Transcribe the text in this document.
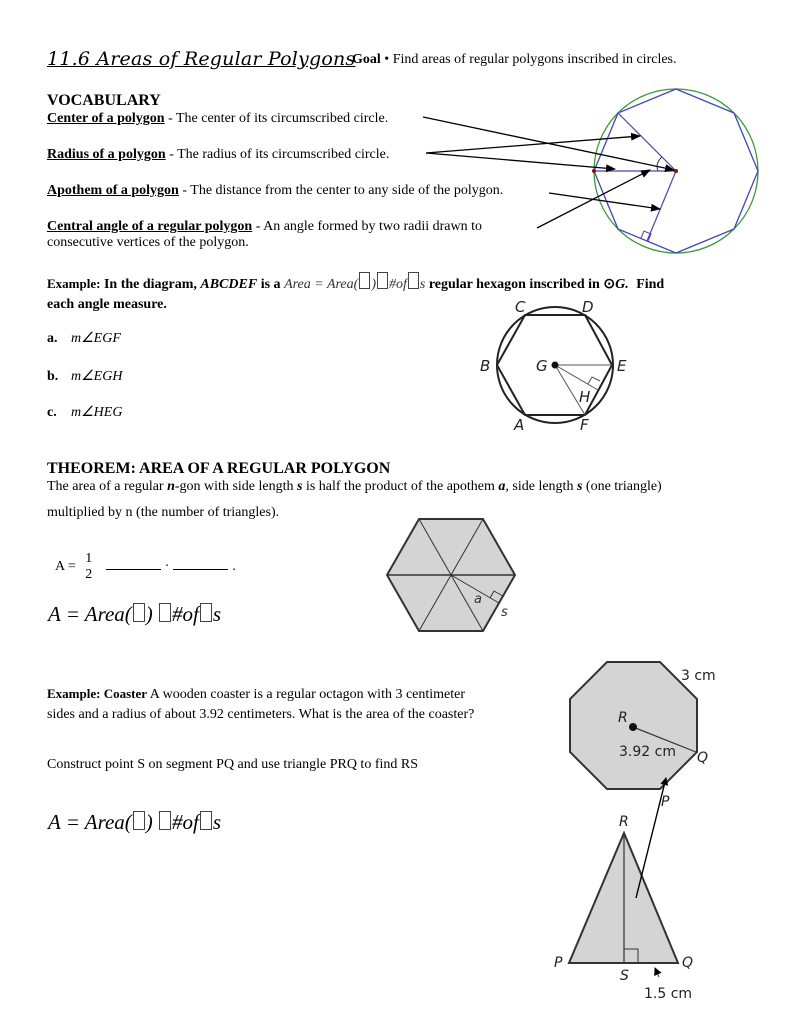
11.6 Areas of Regular Polygons
Goal • Find areas of regular polygons inscribed in circles.
VOCABULARY
Center of a polygon - The center of its circumscribed circle.
Radius of a polygon - The radius of its circumscribed circle.
Apothem of a polygon - The distance from the center to any side of the polygon.
Central angle of a regular polygon - An angle formed by two radii drawn to
consecutive vertices of the polygon.
Example: In the diagram, ABCDEF is a Area = Area( ) #of s regular hexagon inscribed in ⊙G. Find
each angle measure.
a. m∠EGF
b. m∠EGH
c. m∠HEG
C	D
B	G	E
H
A	F
THEOREM: AREA OF A REGULAR POLYGON
The area of a regular n-gon with side length s is half the product of the apothem a, side length s (one triangle)
multiplied by n (the number of triangles).
A = 1
2 ·	.
A = Area( ) #of s
a
s
Example: Coaster A wooden coaster is a regular octagon with 3 centimeter
sides and a radius of about 3.92 centimeters. What is the area of the coaster?
Construct point S on segment PQ and use triangle PRQ to find RS
A = Area( ) #of s
3 cm
R
3.92 cm Q
P
R
P
S
Q
1.5 cm
